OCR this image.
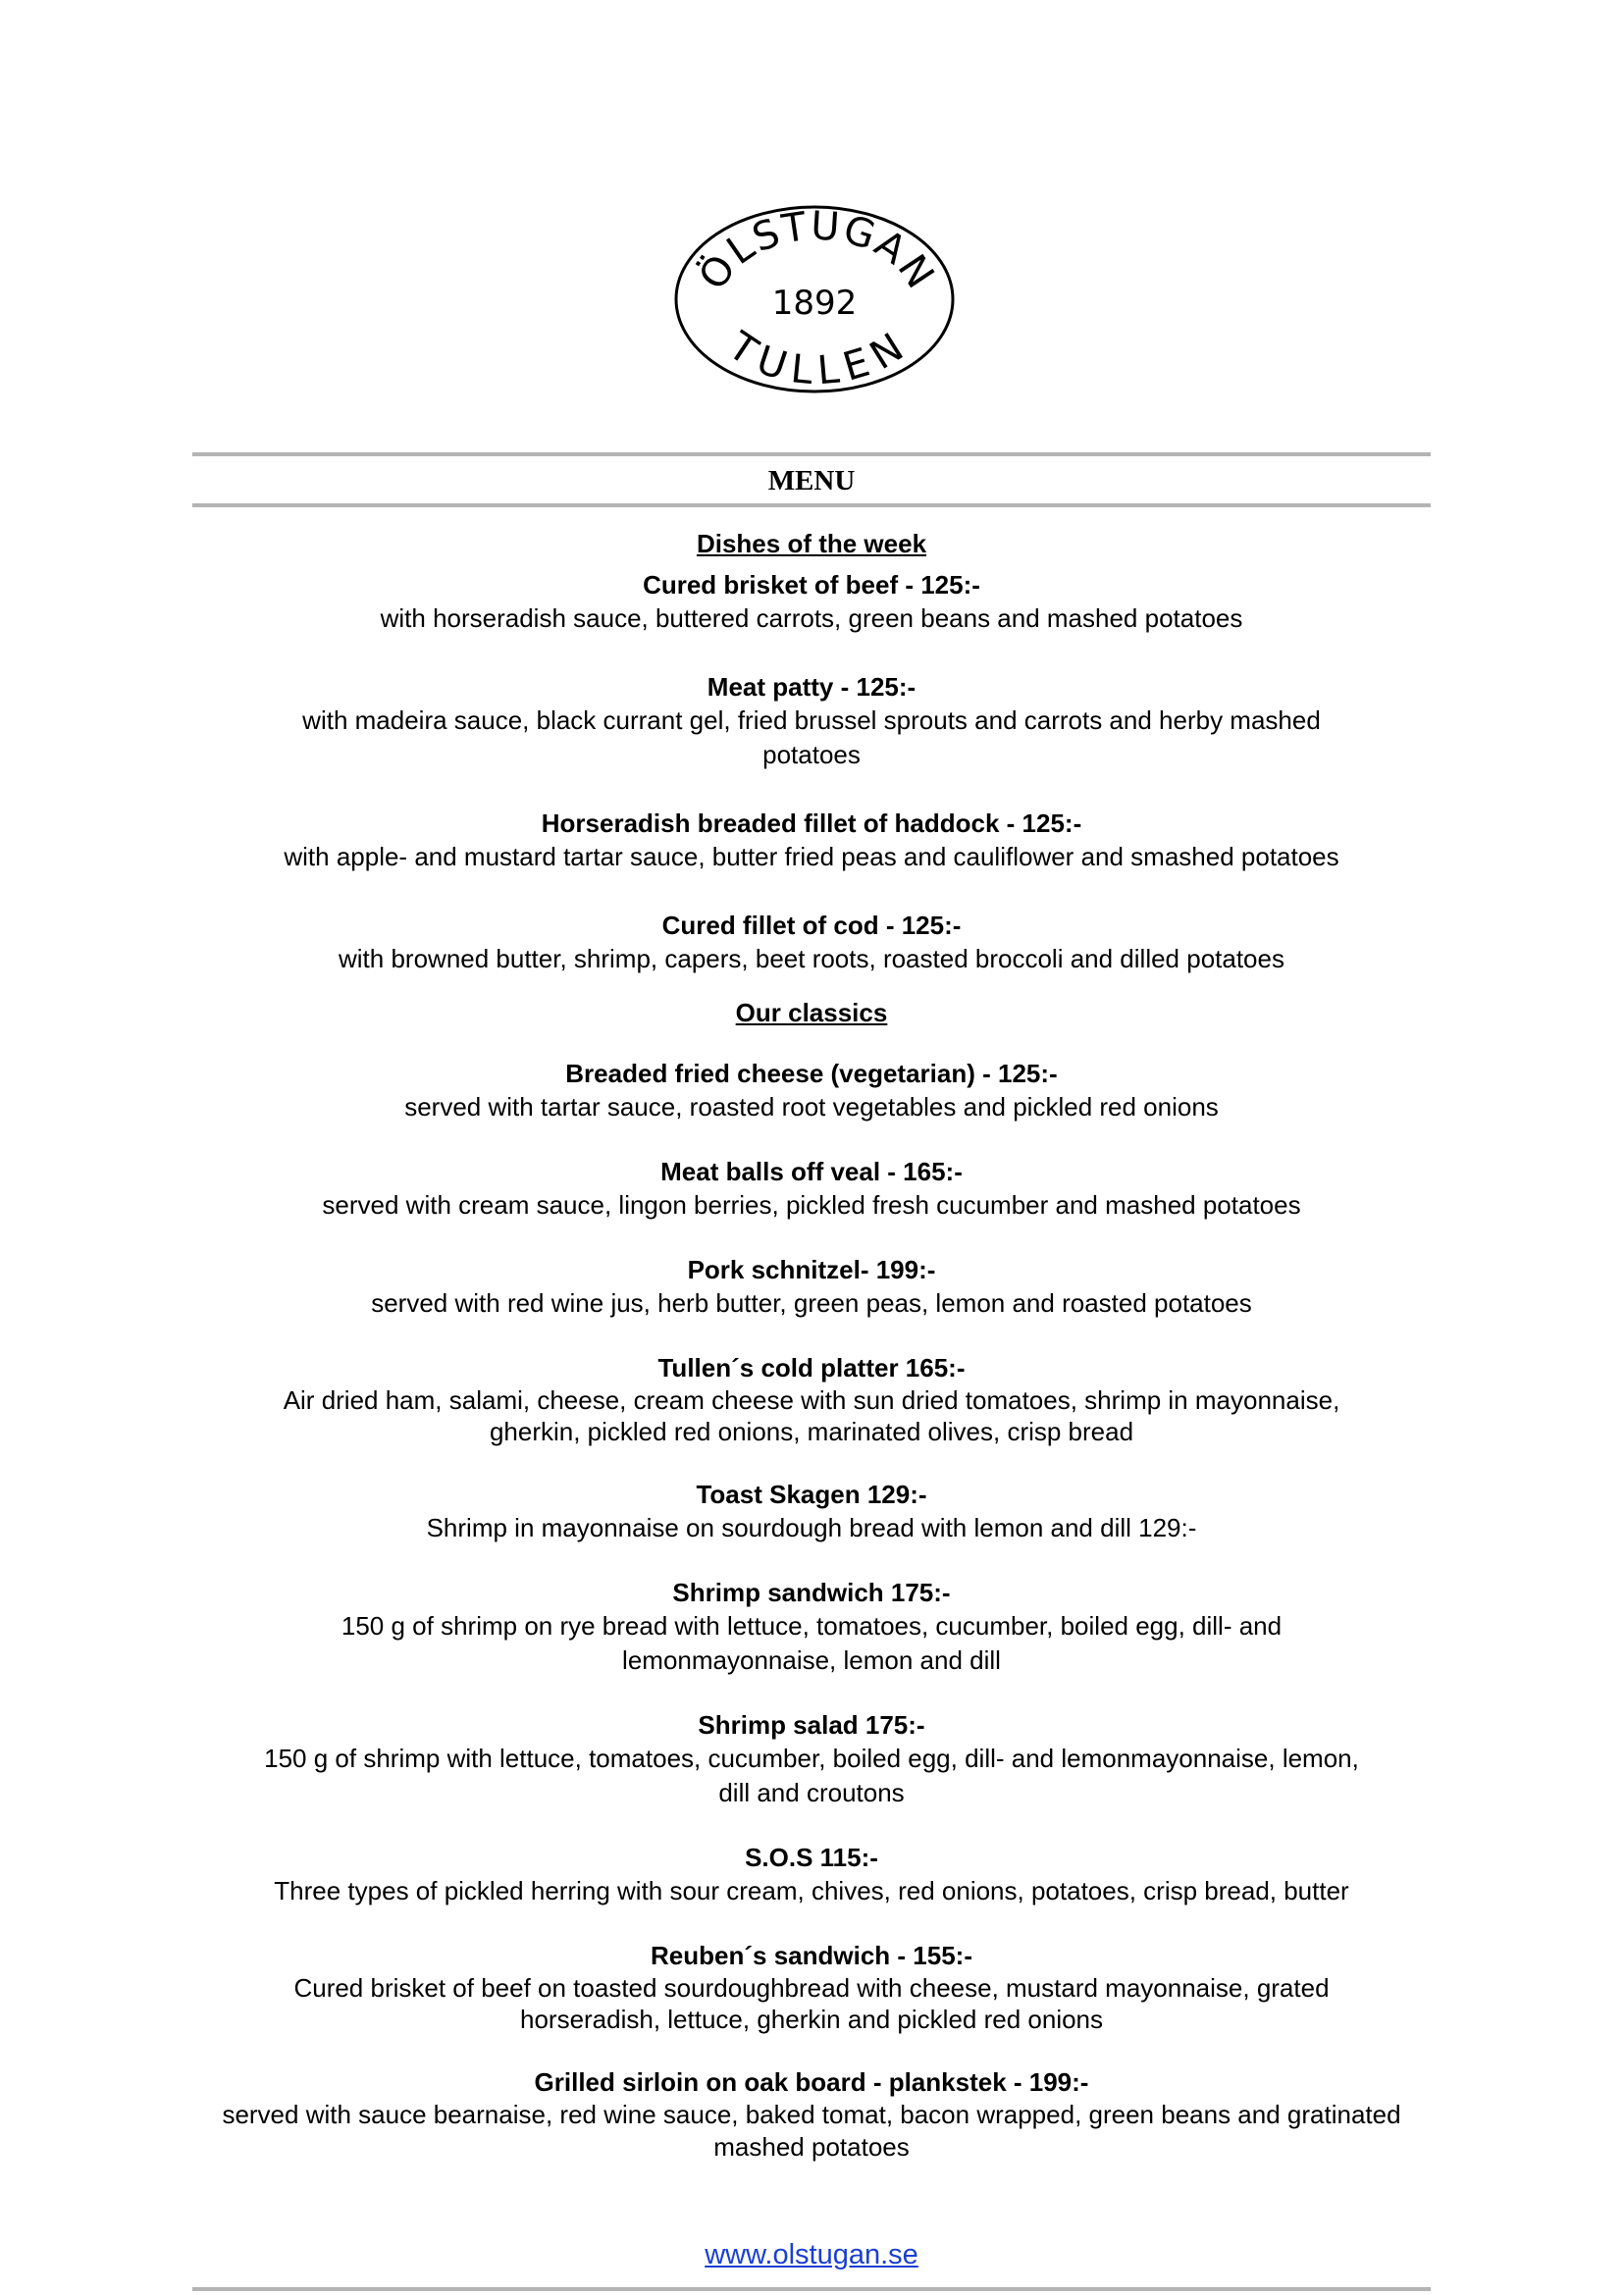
ÖLSTUGAN
1892
TULLEN
MENU
Dishes of the week
Cured brisket of beef - 125:-
with horseradish sauce, buttered carrots, green beans and mashed potatoes
Meat patty - 125:-
with madeira sauce, black currant gel, fried brussel sprouts and carrots and herby mashed potatoes
Horseradish breaded fillet of haddock - 125:-
with apple- and mustard tartar sauce, butter fried peas and cauliflower and smashed potatoes
Cured fillet of cod - 125:-
with browned butter, shrimp, capers, beet roots, roasted broccoli and dilled potatoes
Our classics
Breaded fried cheese (vegetarian) - 125:-
served with tartar sauce, roasted root vegetables and pickled red onions
Meat balls off veal - 165:-
served with cream sauce, lingon berries, pickled fresh cucumber and mashed potatoes
Pork schnitzel- 199:-
served with red wine jus, herb butter, green peas, lemon and roasted potatoes
Tullen´s cold platter 165:-
Air dried ham, salami, cheese, cream cheese with sun dried tomatoes, shrimp in mayonnaise, gherkin, pickled red onions, marinated olives, crisp bread
Toast Skagen 129:-
Shrimp in mayonnaise on sourdough bread with lemon and dill 129:-
Shrimp sandwich 175:-
150 g of shrimp on rye bread with lettuce, tomatoes, cucumber, boiled egg, dill- and lemonmayonnaise, lemon and dill
Shrimp salad 175:-
150 g of shrimp with lettuce, tomatoes, cucumber, boiled egg, dill- and lemonmayonnaise, lemon, dill and croutons
S.O.S 115:-
Three types of pickled herring with sour cream, chives, red onions, potatoes, crisp bread, butter
Reuben´s sandwich - 155:-
Cured brisket of beef on toasted sourdoughbread with cheese, mustard mayonnaise, grated horseradish, lettuce, gherkin and pickled red onions
Grilled sirloin on oak board - plankstek - 199:-
served with sauce bearnaise, red wine sauce, baked tomat, bacon wrapped, green beans and gratinated mashed potatoes
www.olstugan.se
